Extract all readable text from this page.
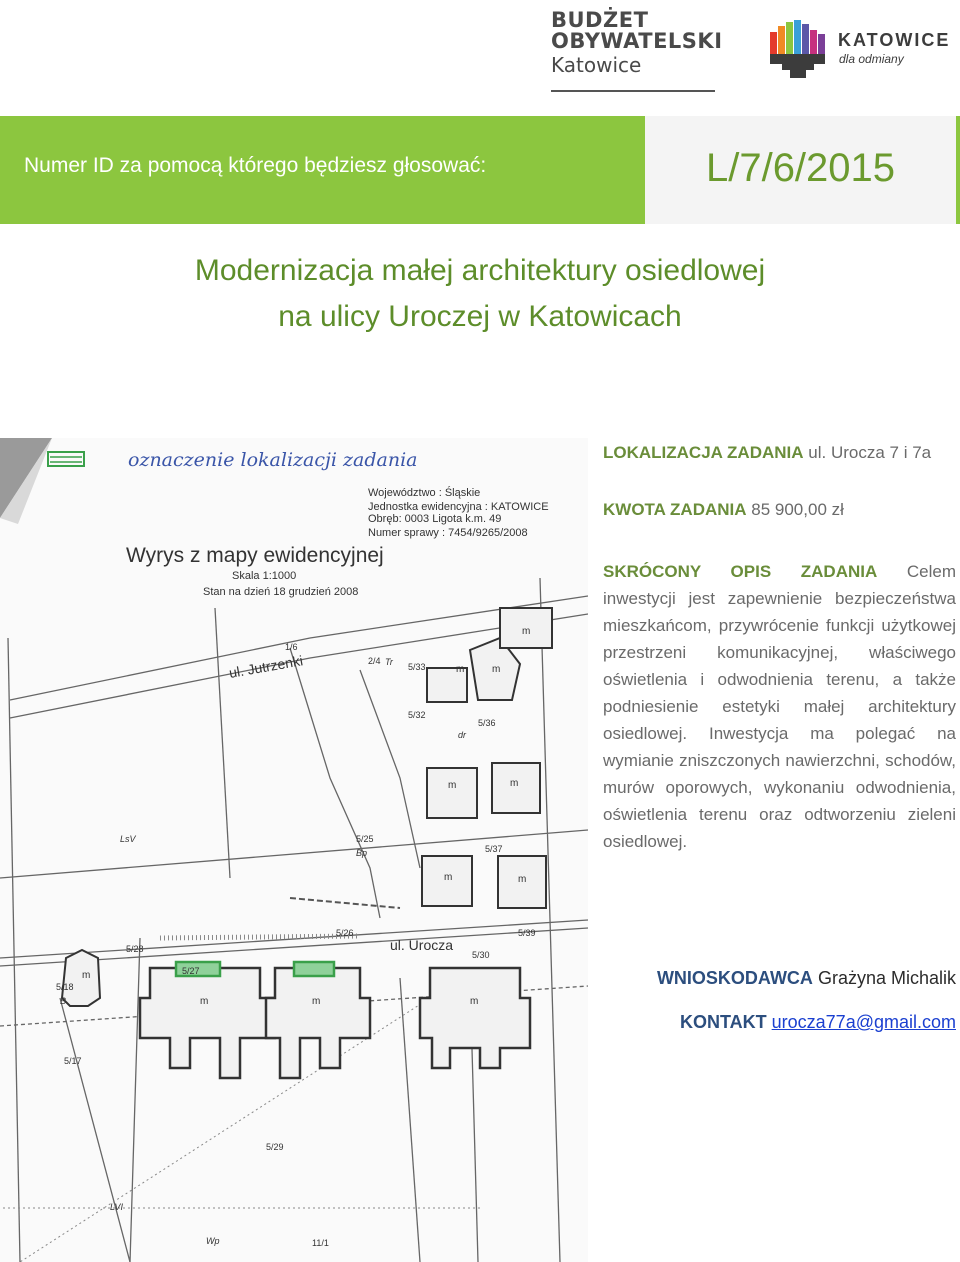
BUDŻET
OBYWATELSKI
Katowice
KATOWICE
dla odmiany
Numer ID za pomocą którego będziesz głosować:	L/7/6/2015
Modernizacja małej architektury osiedlowej
na ulicy Uroczej w Katowicach
oznaczenie lokalizacji zadania
Województwo : Śląskie
Jednostka ewidencyjna : KATOWICE
Obręb: 0003 Ligota k.m. 49
Numer sprawy : 7454/9265/2008
Wyrys z mapy ewidencyjnej
Skala 1:1000
Stan na dzień 18 grudzień 2008
ul. Jutrzenki
ul. Urocza
1/6
2/4
5/33
5/32
5/36
5/25
5/37
5/26	5/39
5/28
5/27
5/30
5/18
5/17
5/29
11/1
dr
LsV
LVI
Wp
Tr
Bp
B
m	m
m
m	m
m	m
m
m	m	m
LOKALIZACJA ZADANIA ul. Urocza 7 i 7a
KWOTA ZADANIA 85 900,00 zł
SKRÓCONY OPIS ZADANIA Celem inwestycji jest zapewnienie bezpieczeństwa mieszkańcom, przywrócenie funkcji użytkowej przestrzeni komunikacyjnej, właściwego oświetlenia i odwodnienia terenu, a także podniesienie estetyki małej architektury osiedlowej. Inwestycja ma polegać na wymianie zniszczonych nawierzchni, schodów, murów oporowych, wykonaniu odwodnienia, oświetlenia terenu oraz odtworzeniu zieleni osiedlowej.
WNIOSKODAWCA Grażyna Michalik
KONTAKT urocza77a@gmail.com
